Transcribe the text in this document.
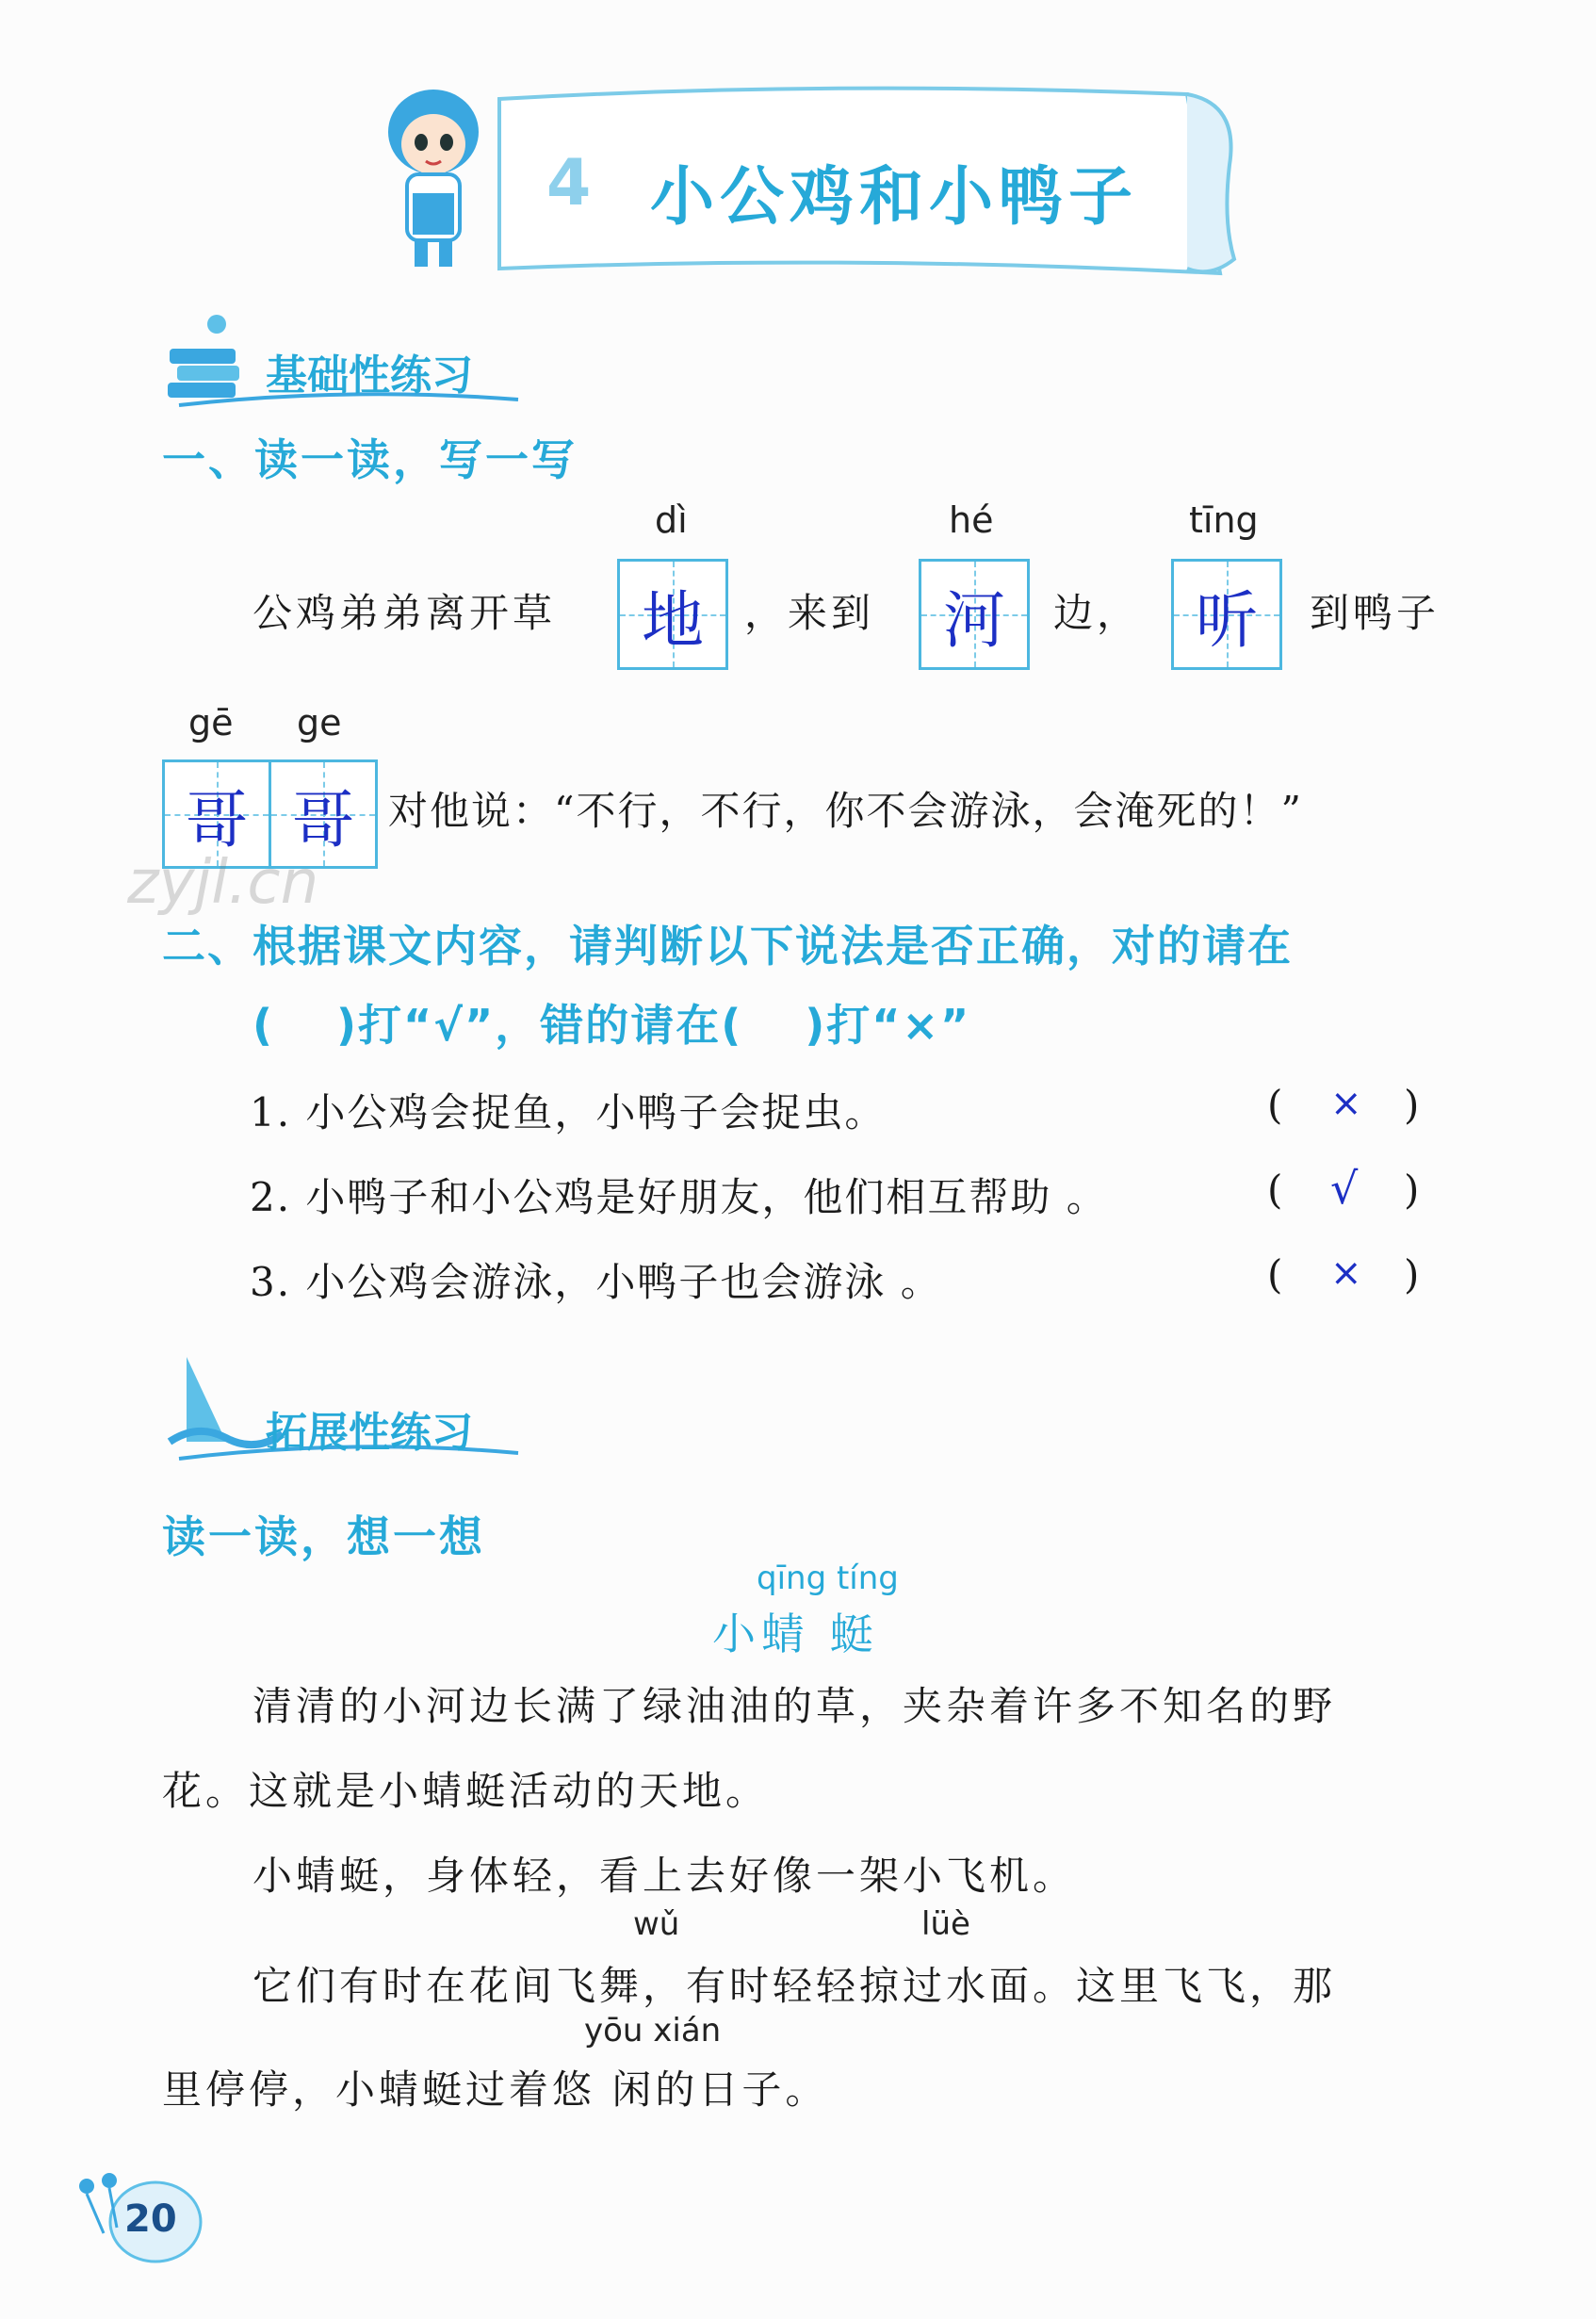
4 小公鸡和小鸭子
基础性练习
一、读一读，写一写
公鸡弟弟离开草
dì
地	，来到
hé
河	边，
tīng
听	到鸭子
gē ge
哥 哥 对他说：“不行，不行，你不会游泳，会淹死的！”
zyjl.cn
二、根据课文内容，请判断以下说法是否正确，对的请在
(　 )打“√”，错的请在(　 )打“×”
1. 小公鸡会捉鱼，小鸭子会捉虫。	( × )
2. 小鸭子和小公鸡是好朋友，他们相互帮助 。	( √ )
3. 小公鸡会游泳，小鸭子也会游泳 。	( × )
拓展性练习
读一读，想一想
qīng tíng
小蜻 蜓
清清的小河边长满了绿油油的草，夹杂着许多不知名的野
花。这就是小蜻蜓活动的天地。
小蜻蜓，身体轻，看上去好像一架小飞机。
wǔ	lüè
它们有时在花间飞舞，有时轻轻掠过水面。这里飞飞，那
yōu xián
里停停，小蜻蜓过着悠 闲的日子。
20
